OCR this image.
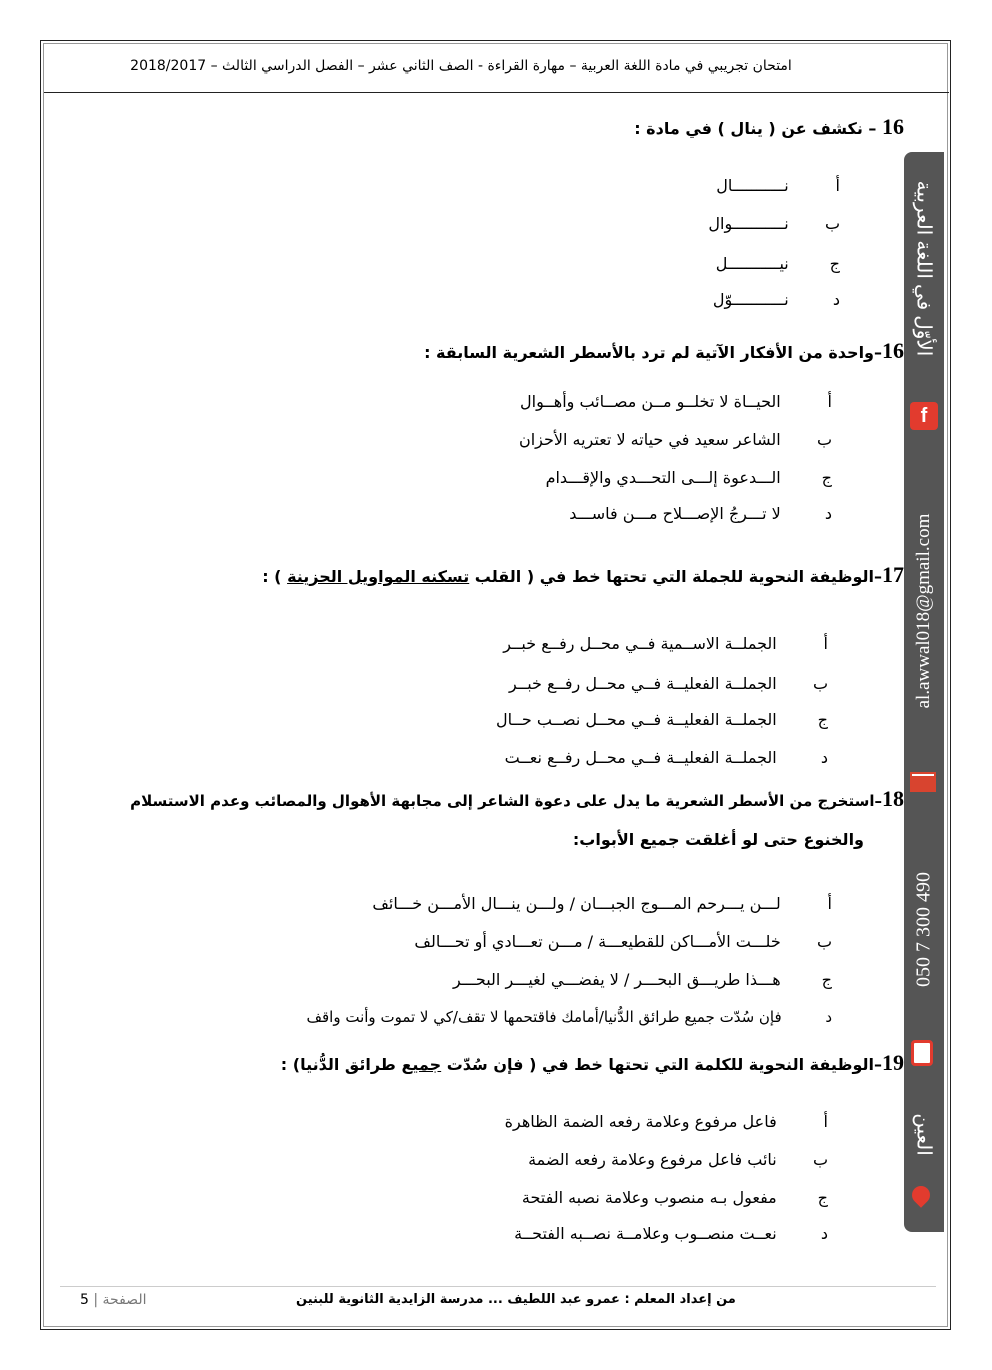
امتحان تجريبي في مادة اللغة العربية – مهارة القراءة - الصف الثاني عشر – الفصل الدراسي الثالث – 2018/2017
16 – نكشف عن ( ينال ) في مادة :
أ   نـــــــــــال
ب   نـــــــــــوال
ج   نيـــــــــــل
د   نـــــــــــوّل
16–واحدة من الأفكار الآتية لم ترد بالأسطر الشعرية السابقة :
أ   الحيــاة لا تخلــو مــن مصــائب وأهــوال
ب   الشاعر سعيد في حياته لا تعتريه الأحزان
ج   الـــدعوة إلـــى التحـــدي والإقـــدام
د   لا تـــرجُ الإصـــلاح مـــن فاســـد
17–الوظيفة النحوية للجملة التي تحتها خط في ( القلب تسكنه المواويل الحزينة ) :
أ   الجملــة الاســمية فــي محــل رفــع خبــر
ب   الجملــة الفعليــة فــي محــل رفــع خبــر
ج   الجملــة الفعليــة فــي محــل نصــب حــال
د   الجملــة الفعليــة فــي محــل رفــع نعــت
18–استخرج من الأسطر الشعرية ما يدل على دعوة الشاعر إلى مجابهة الأهوال والمصائب وعدم الاستسلام
والخنوع حتى لو أغلقت جميع الأبواب:
أ   لـــن يـــرحم المـــوج الجبـــان / ولـــن ينـــال الأمـــن خـــائف
ب   خلـــت الأمـــاكن للقطيعـــة / مـــن تعـــادي أو تحـــالف
ج   هـــذا طريـــق البحـــر / لا يفضـــي لغيـــر البحـــر
د   فإن سُدّت جميع طرائق الدُّنيا/أمامك فاقتحمها لا تقف/كي لا تموت وأنت واقف
19–الوظيفة النحوية للكلمة التي تحتها خط في ( فإن سُدّت جميع طرائق الدُّنيا) :
أ   فاعل مرفوع وعلامة رفعه الضمة الظاهرة
ب   نائب فاعل مرفوع وعلامة رفعه الضمة
ج   مفعول بـه منصوب وعلامة نصبه الفتحة
د   نعــت منصــوب وعلامــة نصــبه الفتحــة
الأوّل في اللغة العربية
f
al.awwal018@gmail.com
050 7 300 490
العين
الصفحة | 5	من إعداد المعلم : عمرو عبد اللطيف ... مدرسة الزايدية الثانوية للبنين
